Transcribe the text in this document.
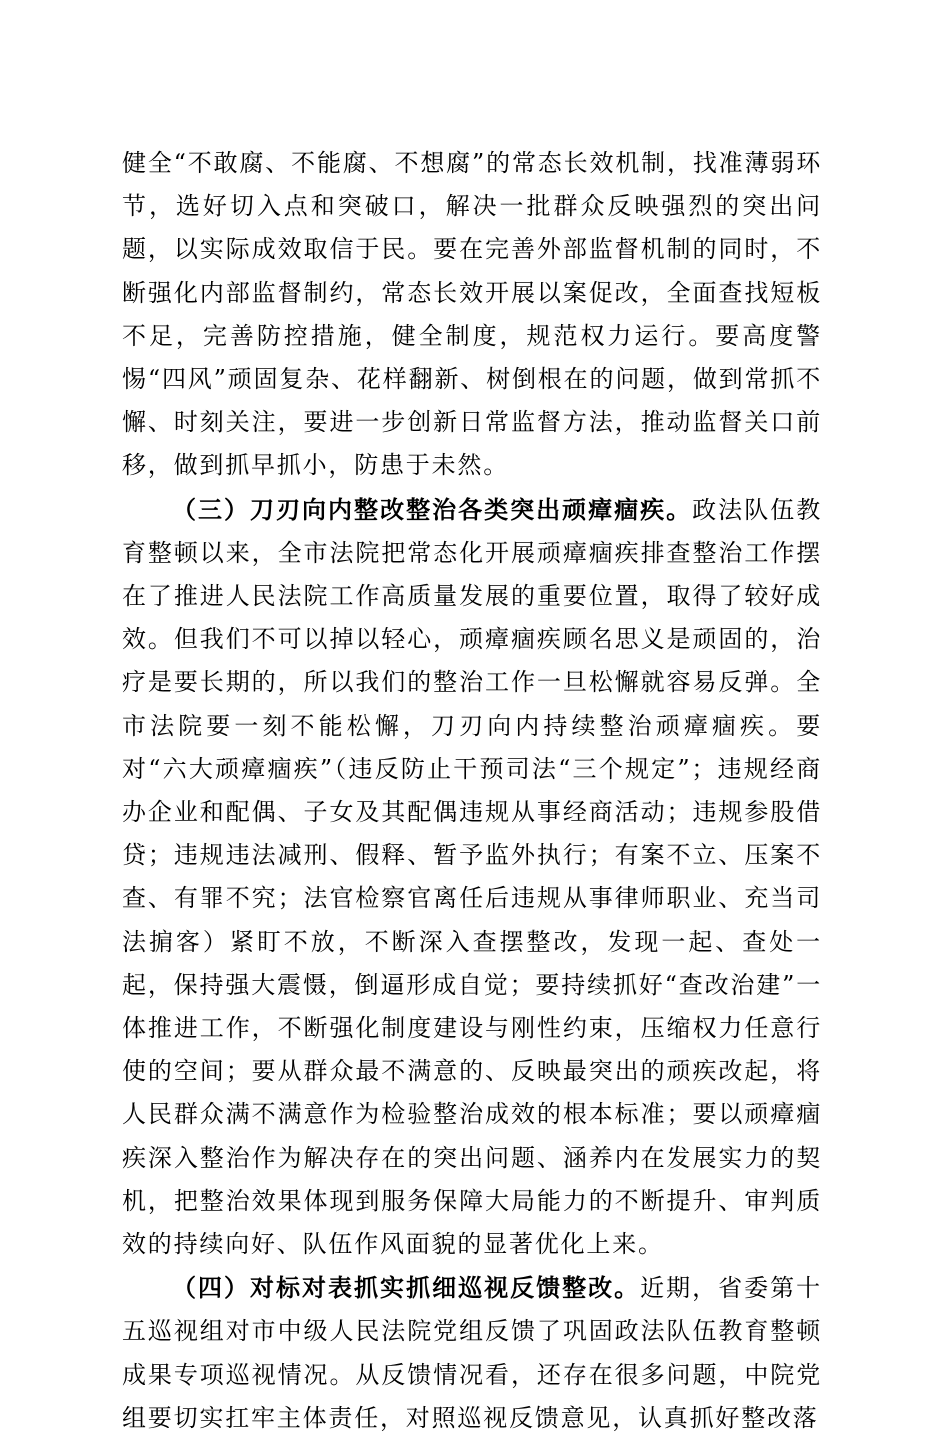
健全“不敢腐、不能腐、不想腐”的常态长效机制，找准薄弱环节，选好切入点和突破口，解决一批群众反映强烈的突出问题，以实际成效取信于民。要在完善外部监督机制的同时，不断强化内部监督制约，常态长效开展以案促改，全面查找短板不足，完善防控措施，健全制度，规范权力运行。要高度警惕“四风”顽固复杂、花样翻新、树倒根在的问题，做到常抓不懈、时刻关注，要进一步创新日常监督方法，推动监督关口前移，做到抓早抓小，防患于未然。

（三）刀刃向内整改整治各类突出顽瘴痼疾。政法队伍教育整顿以来，全市法院把常态化开展顽瘴痼疾排查整治工作摆在了推进人民法院工作高质量发展的重要位置，取得了较好成效。但我们不可以掉以轻心，顽瘴痼疾顾名思义是顽固的，治疗是要长期的，所以我们的整治工作一旦松懈就容易反弹。全市法院要一刻不能松懈，刀刃向内持续整治顽瘴痼疾。要对“六大顽瘴痼疾”（违反防止干预司法“三个规定”；违规经商办企业和配偶、子女及其配偶违规从事经商活动；违规参股借贷；违规违法减刑、假释、暂予监外执行；有案不立、压案不查、有罪不究；法官检察官离任后违规从事律师职业、充当司法掮客）紧盯不放，不断深入查摆整改，发现一起、查处一起，保持强大震慑，倒逼形成自觉；要持续抓好“查改治建”一体推进工作，不断强化制度建设与刚性约束，压缩权力任意行使的空间；要从群众最不满意的、反映最突出的顽疾改起，将人民群众满不满意作为检验整治成效的根本标准；要以顽瘴痼疾深入整治作为解决存在的突出问题、涵养内在发展实力的契机，把整治效果体现到服务保障大局能力的不断提升、审判质效的持续向好、队伍作风面貌的显著优化上来。

（四）对标对表抓实抓细巡视反馈整改。近期，省委第十五巡视组对市中级人民法院党组反馈了巩固政法队伍教育整顿成果专项巡视情况。从反馈情况看，还存在很多问题，中院党组要切实扛牢主体责任，对照巡视反馈意见，认真抓好整改落
